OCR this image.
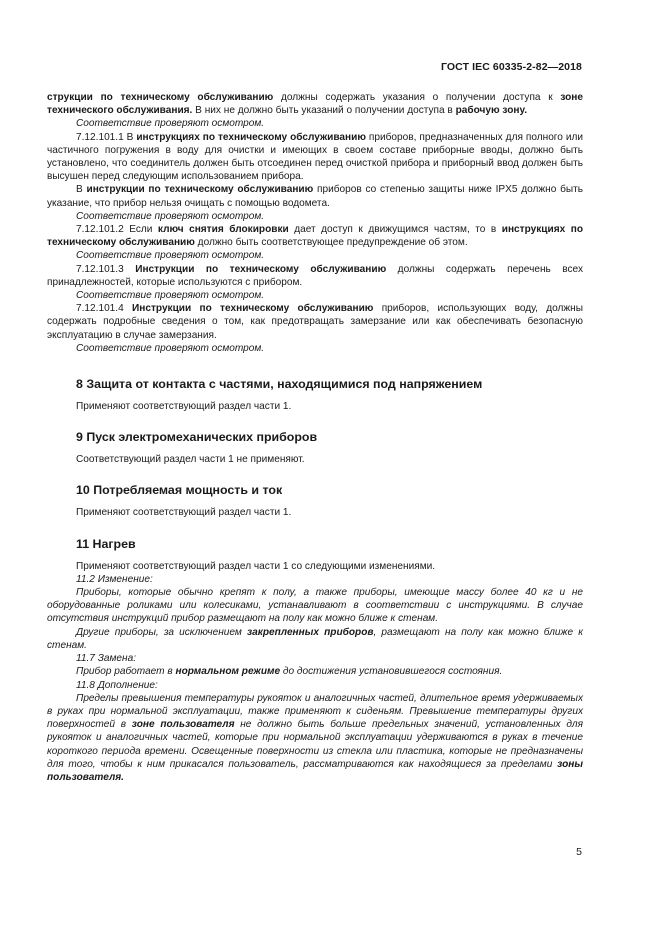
ГОСТ IEC 60335-2-82—2018

струкции по техническому обслуживанию должны содержать указания о получении доступа к зоне технического обслуживания. В них не должно быть указаний о получении доступа в рабочую зону.

Соответствие проверяют осмотром.

7.12.101.1 В инструкциях по техническому обслуживанию приборов, предназначенных для полного или частичного погружения в воду для очистки и имеющих в своем составе приборные вводы, должно быть установлено, что соединитель должен быть отсоединен перед очисткой прибора и приборный ввод должен быть высушен перед следующим использованием прибора.

В инструкции по техническому обслуживанию приборов со степенью защиты ниже IPX5 должно быть указание, что прибор нельзя очищать с помощью водомета.

Соответствие проверяют осмотром.

7.12.101.2 Если ключ снятия блокировки дает доступ к движущимся частям, то в инструкциях по техническому обслуживанию должно быть соответствующее предупреждение об этом.

Соответствие проверяют осмотром.

7.12.101.3 Инструкции по техническому обслуживанию должны содержать перечень всех принадлежностей, которые используются с прибором.

Соответствие проверяют осмотром.

7.12.101.4 Инструкции по техническому обслуживанию приборов, использующих воду, должны содержать подробные сведения о том, как предотвращать замерзание или как обеспечивать безопасную эксплуатацию в случае замерзания.

Соответствие проверяют осмотром.

8 Защита от контакта с частями, находящимися под напряжением

Применяют соответствующий раздел части 1.

9 Пуск электромеханических приборов

Соответствующий раздел части 1 не применяют.

10 Потребляемая мощность и ток

Применяют соответствующий раздел части 1.

11 Нагрев

Применяют соответствующий раздел части 1 со следующими изменениями.

11.2 Изменение:

Приборы, которые обычно крепят к полу, а также приборы, имеющие массу более 40 кг и не оборудованные роликами или колесиками, устанавливают в соответствии с инструкциями. В случае отсутствия инструкций прибор размещают на полу как можно ближе к стенам.

Другие приборы, за исключением закрепленных приборов, размещают на полу как можно ближе к стенам.

11.7 Замена:

Прибор работает в нормальном режиме до достижения установившегося состояния.

11.8 Дополнение:

Пределы превышения температуры рукояток и аналогичных частей, длительное время удерживаемых в руках при нормальной эксплуатации, также применяют к сиденьям. Превышение температуры других поверхностей в зоне пользователя не должно быть больше предельных значений, установленных для рукояток и аналогичных частей, которые при нормальной эксплуатации удерживаются в руках в течение короткого периода времени. Освещенные поверхности из стекла или пластика, которые не предназначены для того, чтобы к ним прикасался пользователь, рассматриваются как находящиеся за пределами зоны пользователя.

5
